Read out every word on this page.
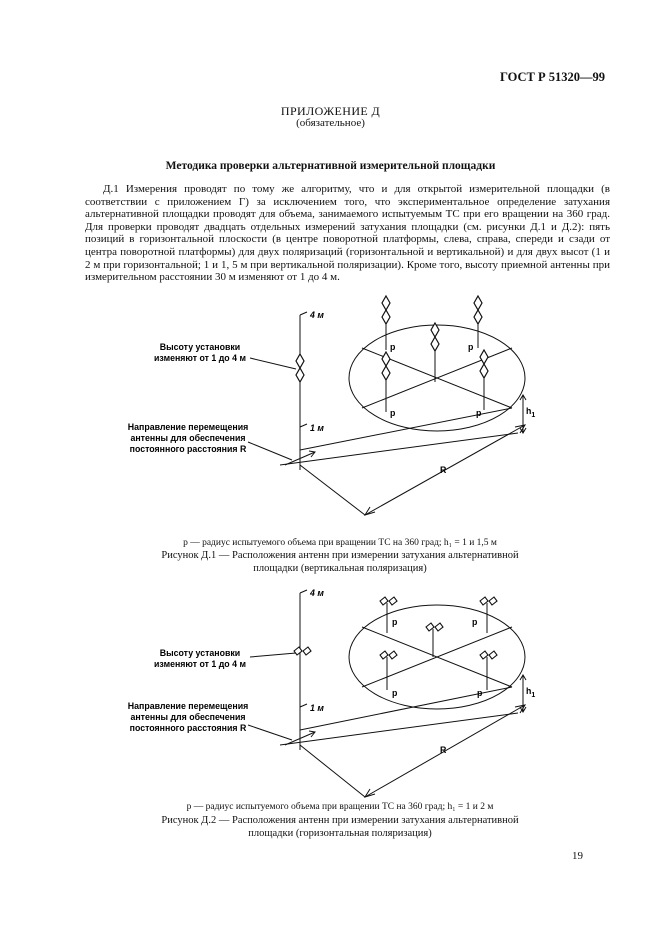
ГОСТ Р 51320—99
ПРИЛОЖЕНИЕ Д
(обязательное)
Методика проверки альтернативной измерительной площадки
Д.1 Измерения проводят по тому же алгоритму, что и для открытой измерительной площадки (в соответствии с приложением Г) за исключением того, что экспериментальное определение затухания альтернативной площадки проводят для объема, занимаемого испытуемым ТС при его вращении на 360 град. Для проверки проводят двадцать отдельных измерений затухания площадки (см. рисунки Д.1 и Д.2): пять позиций в горизонтальной плоскости (в центре поворотной платформы, слева, справа, спереди и сзади от центра поворотной платформы) для двух поляризаций (горизонтальной и вертикальной) и для двух высот (1 и 2 м при горизонтальной; 1 и 1, 5 м при вертикальной поляризации). Кроме того, высоту приемной антенны при измерительном расстоянии 30 м изменяют от 1 до 4 м.
4 м
1 м
p	p
p	p	$h_1$
R
Высоту установки
изменяют от 1 до 4 м
Направление перемещения
антенны для обеспечения
постоянного расстояния R
p — радиус испытуемого объема при вращении ТС на 360 град; h₁ = 1 и 1,5 м
Рисунок Д.1 — Расположения антенн при измерении затухания альтернативной
площадки (вертикальная поляризация)
4 м
1 м
p	p
p	p	$h_1$
R
Высоту установки
изменяют от 1 до 4 м
Направление перемещения
антенны для обеспечения
постоянного расстояния R
p — радиус испытуемого объема при вращении ТС на 360 град; h₁ = 1 и 2 м
Рисунок Д.2 — Расположения антенн при измерении затухания альтернативной
площадки (горизонтальная поляризация)
19
